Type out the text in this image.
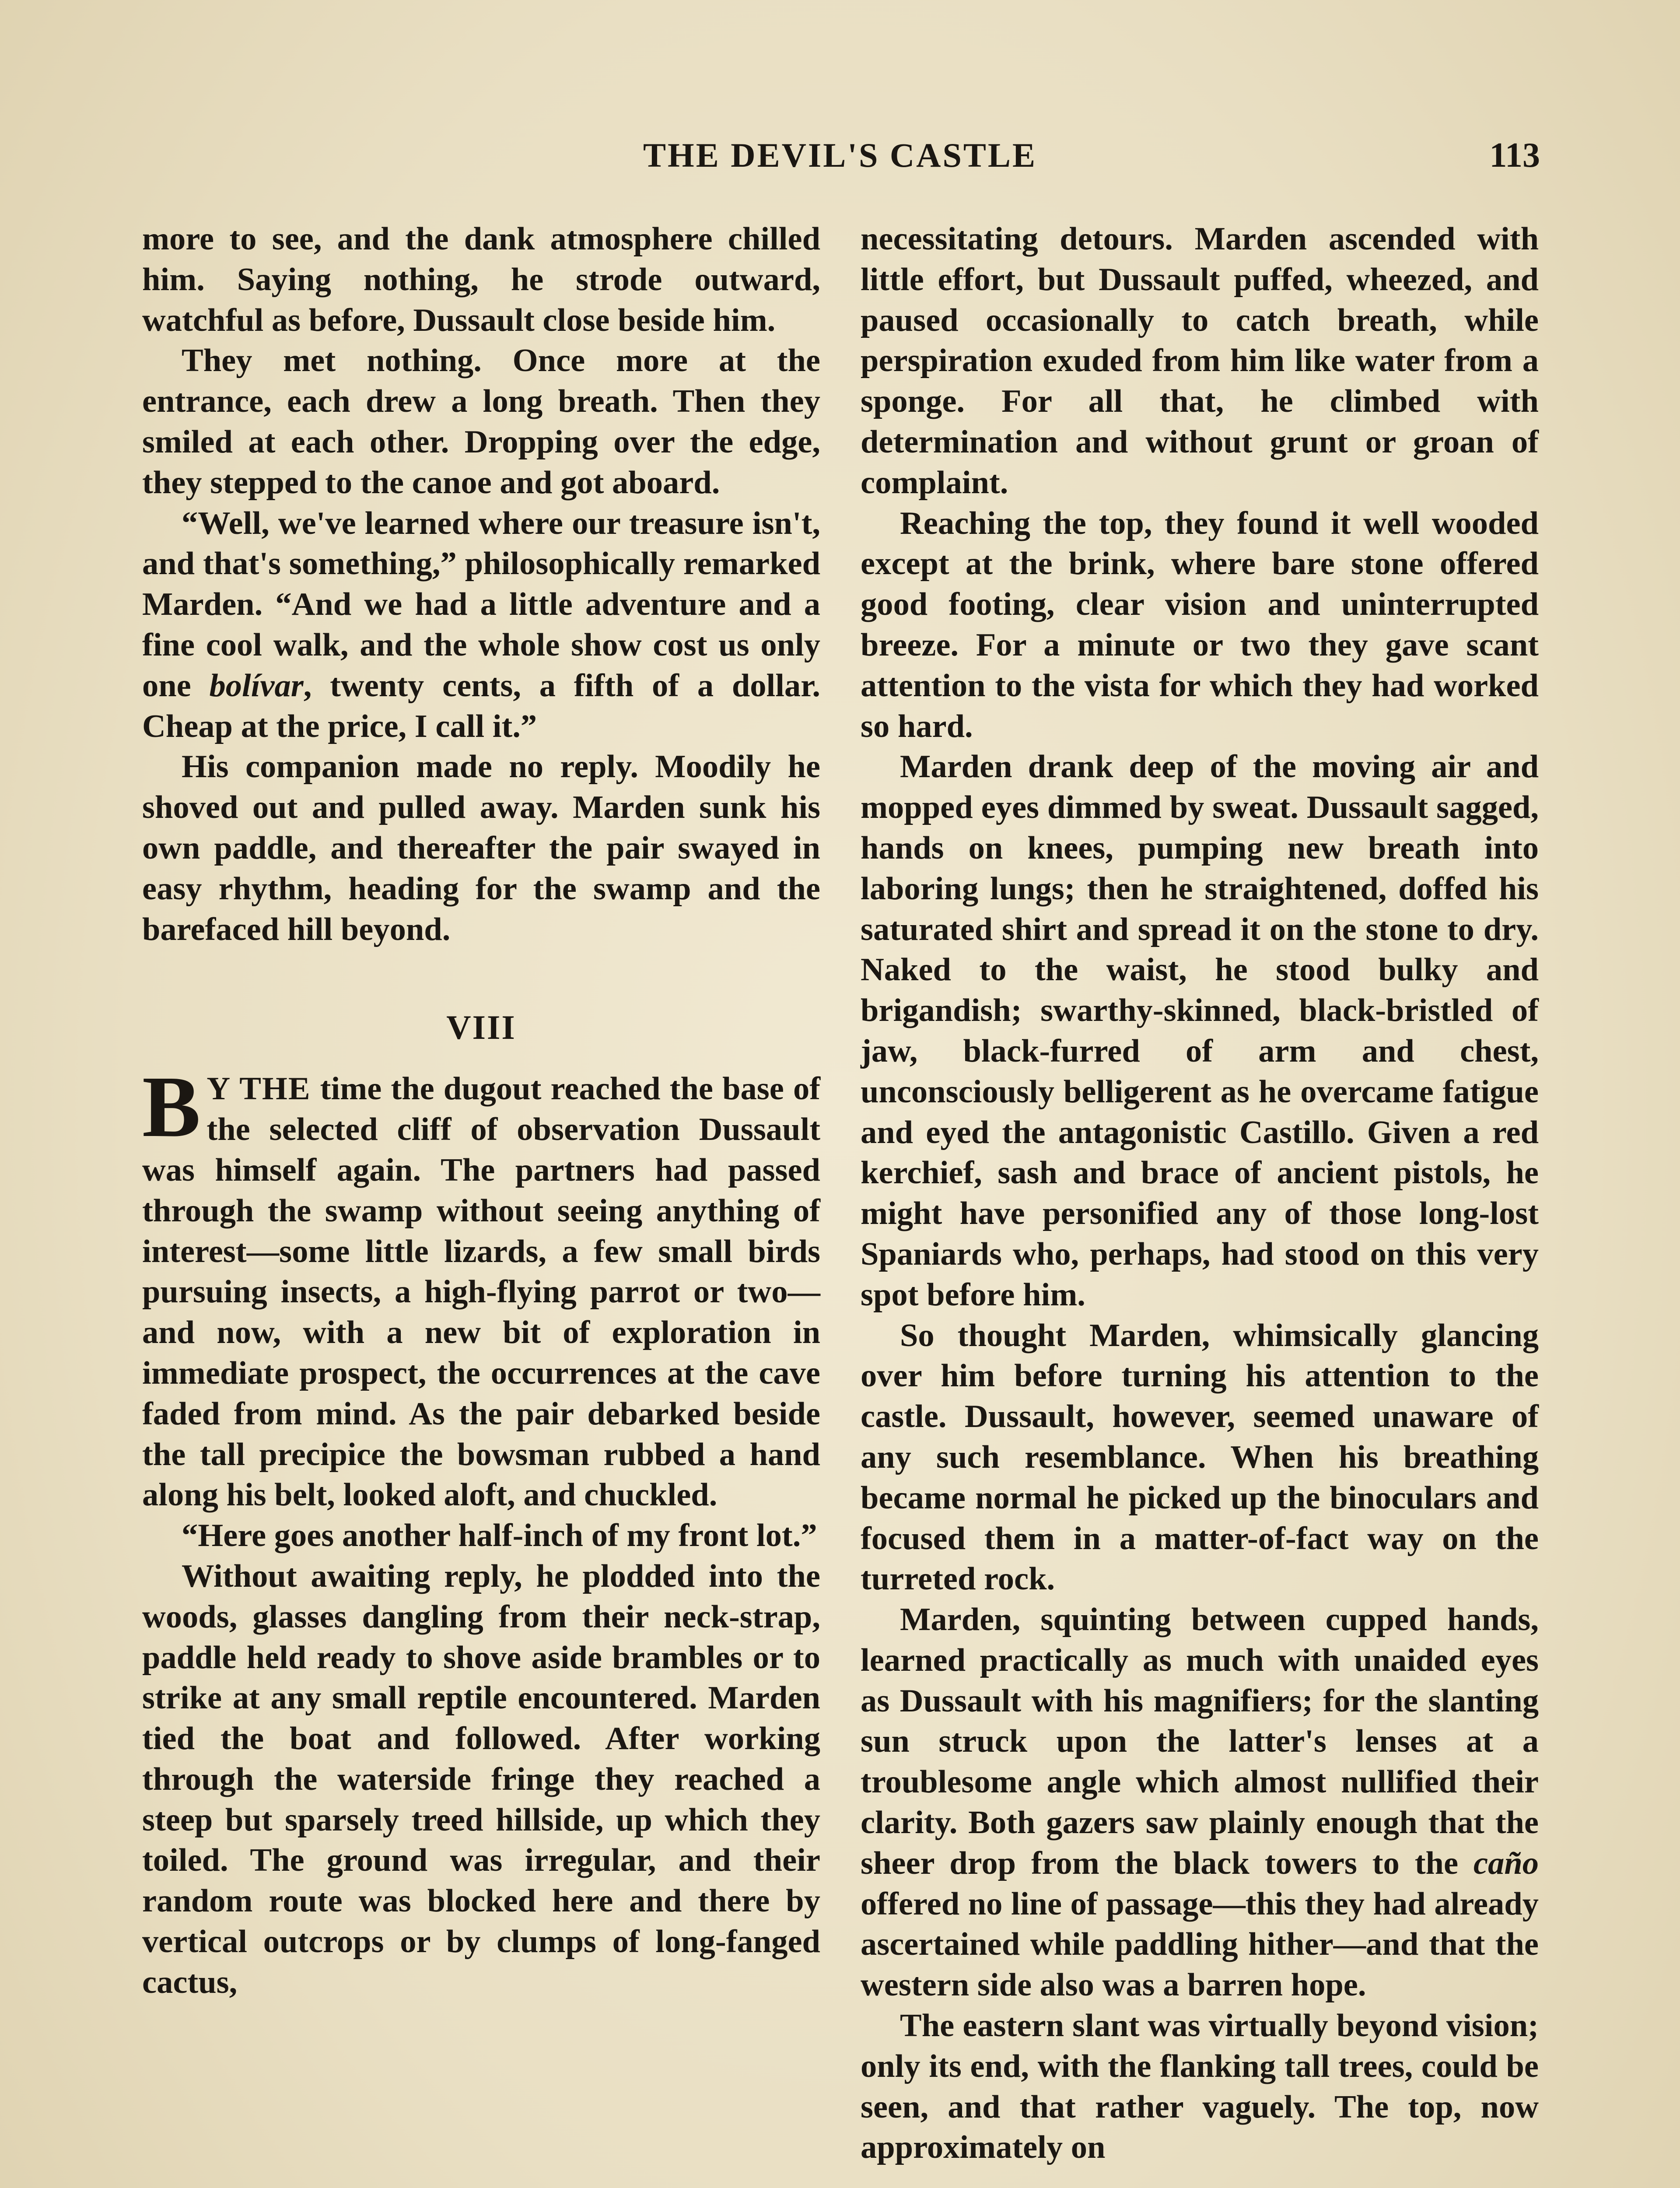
THE DEVIL'S CASTLE	113

more to see, and the dank atmosphere chilled him. Saying nothing, he strode outward, watchful as before, Dussault close beside him.

They met nothing. Once more at the entrance, each drew a long breath. Then they smiled at each other. Dropping over the edge, they stepped to the canoe and got aboard.

“Well, we've learned where our treasure isn't, and that's something,” philosophically remarked Marden. “And we had a little adventure and a fine cool walk, and the whole show cost us only one bolívar, twenty cents, a fifth of a dollar. Cheap at the price, I call it.”

His companion made no reply. Moodily he shoved out and pulled away. Marden sunk his own paddle, and thereafter the pair swayed in easy rhythm, heading for the swamp and the barefaced hill beyond.

VIII

B Y THE time the dugout reached the base of the selected cliff of observation Dussault was himself again. The partners had passed through the swamp without seeing anything of interest—some little lizards, a few small birds pursuing insects, a high-flying parrot or two—and now, with a new bit of exploration in immediate prospect, the occurrences at the cave faded from mind. As the pair debarked beside the tall precipice the bowsman rubbed a hand along his belt, looked aloft, and chuckled.

“Here goes another half-inch of my front lot.”

Without awaiting reply, he plodded into the woods, glasses dangling from their neck-strap, paddle held ready to shove aside brambles or to strike at any small reptile encountered. Marden tied the boat and followed. After working through the waterside fringe they reached a steep but sparsely treed hillside, up which they toiled. The ground was irregular, and their random route was blocked here and there by vertical outcrops or by clumps of long-fanged cactus,

necessitating detours. Marden ascended with little effort, but Dussault puffed, wheezed, and paused occasionally to catch breath, while perspiration exuded from him like water from a sponge. For all that, he climbed with determination and without grunt or groan of complaint.

Reaching the top, they found it well wooded except at the brink, where bare stone offered good footing, clear vision and uninterrupted breeze. For a minute or two they gave scant attention to the vista for which they had worked so hard.

Marden drank deep of the moving air and mopped eyes dimmed by sweat. Dussault sagged, hands on knees, pumping new breath into laboring lungs; then he straightened, doffed his saturated shirt and spread it on the stone to dry. Naked to the waist, he stood bulky and brigandish; swarthy-skinned, black-bristled of jaw, black-furred of arm and chest, unconsciously belligerent as he overcame fatigue and eyed the antagonistic Castillo. Given a red kerchief, sash and brace of ancient pistols, he might have personified any of those long-lost Spaniards who, perhaps, had stood on this very spot before him.

So thought Marden, whimsically glancing over him before turning his attention to the castle. Dussault, however, seemed unaware of any such resemblance. When his breathing became normal he picked up the binoculars and focused them in a matter-of-fact way on the turreted rock.

Marden, squinting between cupped hands, learned practically as much with unaided eyes as Dussault with his magnifiers; for the slanting sun struck upon the latter's lenses at a troublesome angle which almost nullified their clarity. Both gazers saw plainly enough that the sheer drop from the black towers to the caño offered no line of passage—this they had already ascertained while paddling hither—and that the western side also was a barren hope.

The eastern slant was virtually beyond vision; only its end, with the flanking tall trees, could be seen, and that rather vaguely. The top, now approximately on
